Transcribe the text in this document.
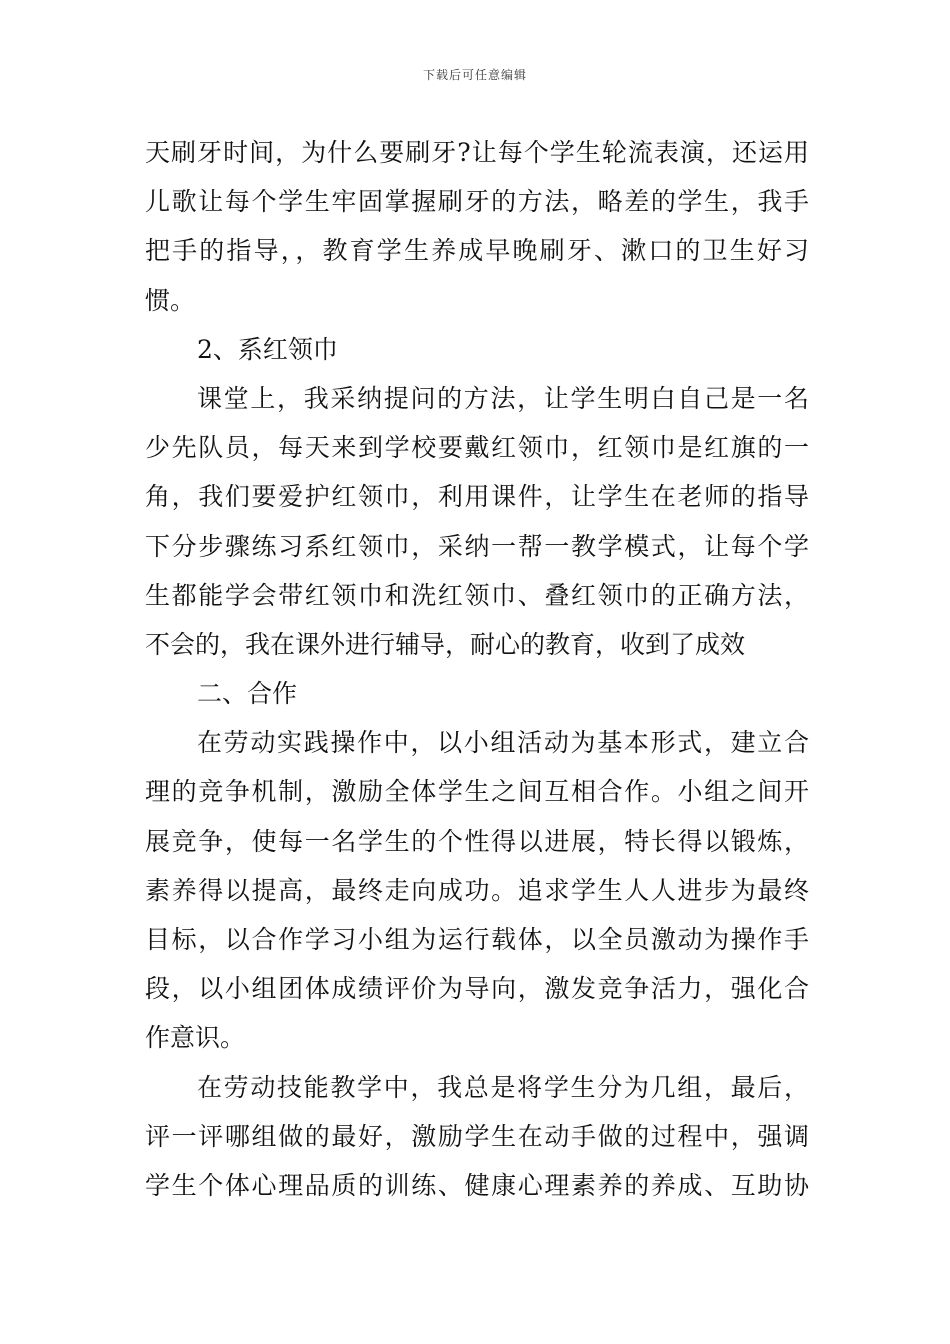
下载后可任意编辑
天刷牙时间，为什么要刷牙?让每个学生轮流表演，还运用
儿歌让每个学生牢固掌握刷牙的方法，略差的学生，我手
把手的指导，，教育学生养成早晚刷牙、漱口的卫生好习
惯。
2、系红领巾
课堂上，我采纳提问的方法，让学生明白自己是一名
少先队员，每天来到学校要戴红领巾，红领巾是红旗的一
角，我们要爱护红领巾，利用课件，让学生在老师的指导
下分步骤练习系红领巾，采纳一帮一教学模式，让每个学
生都能学会带红领巾和洗红领巾、叠红领巾的正确方法，
不会的，我在课外进行辅导，耐心的教育，收到了成效
二、合作
在劳动实践操作中，以小组活动为基本形式，建立合
理的竞争机制，激励全体学生之间互相合作。小组之间开
展竞争，使每一名学生的个性得以进展，特长得以锻炼，
素养得以提高，最终走向成功。追求学生人人进步为最终
目标，以合作学习小组为运行载体，以全员激动为操作手
段，以小组团体成绩评价为导向，激发竞争活力，强化合
作意识。
在劳动技能教学中，我总是将学生分为几组，最后，
评一评哪组做的最好，激励学生在动手做的过程中，强调
学生个体心理品质的训练、健康心理素养的养成、互助协
